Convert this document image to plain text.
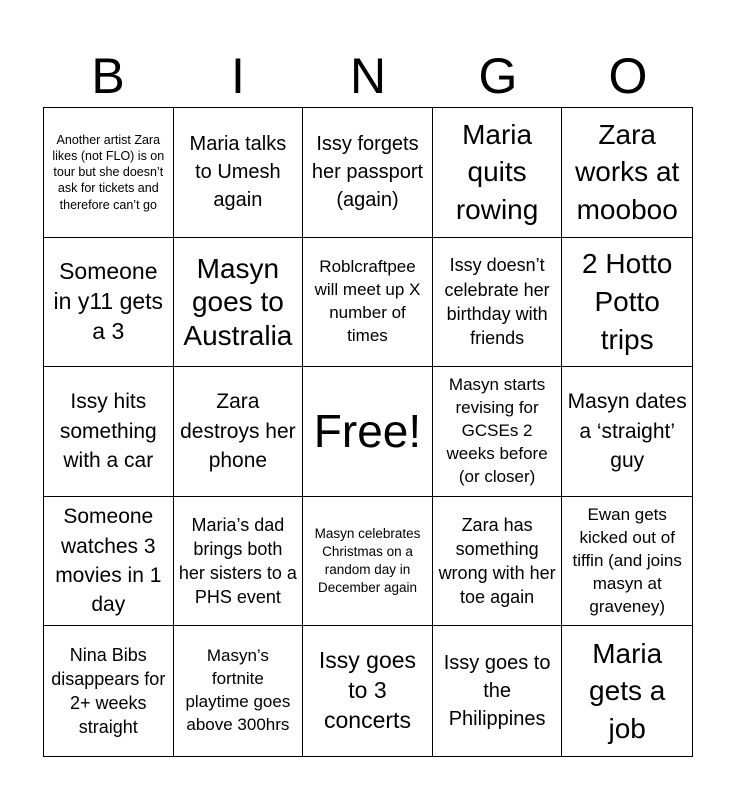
B	I	N	G	O
Another artist Zara likes (not FLO) is on tour but she doesn’t ask for tickets and therefore can’t go
Maria talks to Umesh again
Issy forgets her passport (again)
Maria quits rowing
Zara works at mooboo
Someone in y11 gets a 3
Masyn goes to Australia
Roblcraftpee will meet up X number of times
Issy doesn’t celebrate her birthday with friends
2 Hotto Potto trips
Issy hits something with a car
Zara destroys her phone
Free!
Masyn starts revising for GCSEs 2 weeks before (or closer)
Masyn dates a ‘straight’ guy
Someone watches 3 movies in 1 day
Maria’s dad brings both her sisters to a PHS event
Masyn celebrates Christmas on a random day in December again
Zara has something wrong with her toe again
Ewan gets kicked out of tiffin (and joins masyn at graveney)
Nina Bibs disappears for 2+ weeks straight
Masyn’s fortnite playtime goes above 300hrs
Issy goes to 3 concerts
Issy goes to the Philippines
Maria gets a job
